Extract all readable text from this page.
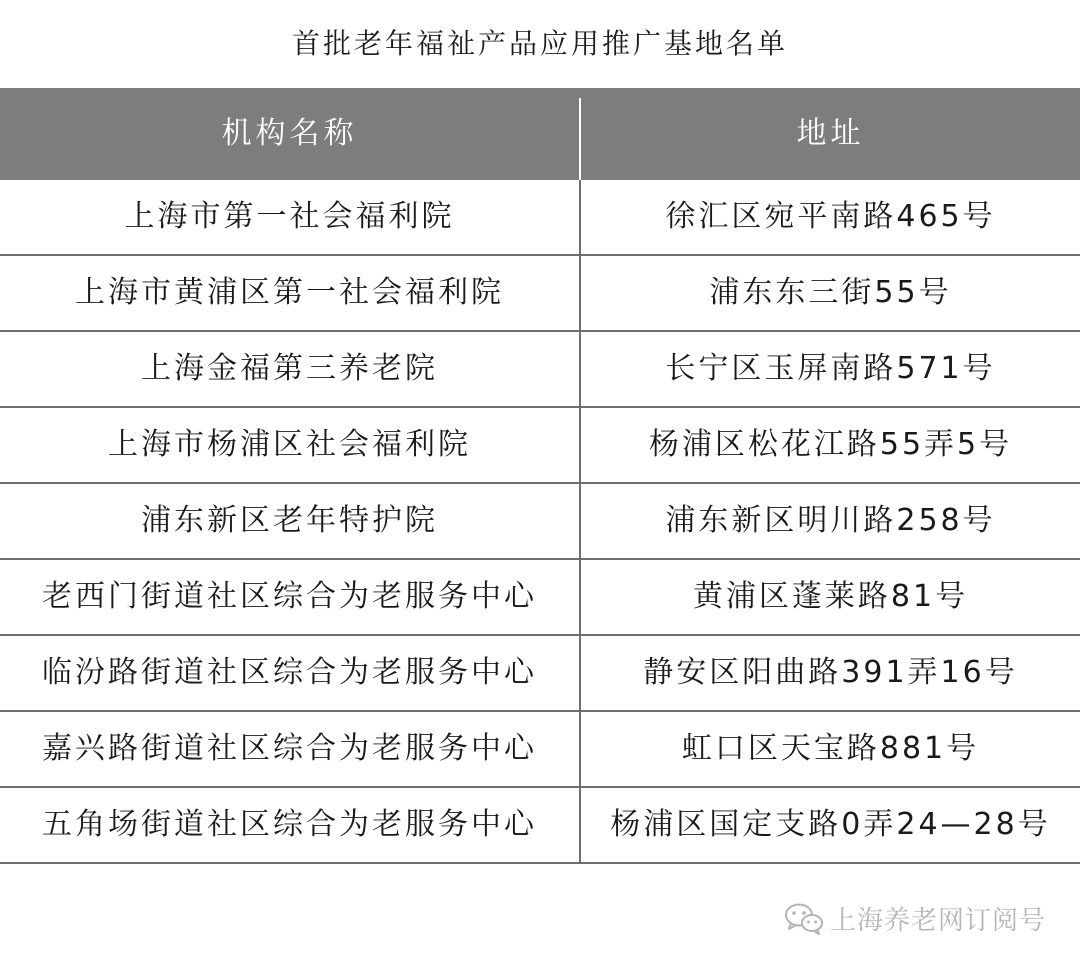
首批老年福祉产品应用推广基地名单
机构名称	地址
上海市第一社会福利院	徐汇区宛平南路465号
上海市黄浦区第一社会福利院	浦东东三街55号
上海金福第三养老院	长宁区玉屏南路571号
上海市杨浦区社会福利院	杨浦区松花江路55弄5号
浦东新区老年特护院	浦东新区明川路258号
老西门街道社区综合为老服务中心	黄浦区蓬莱路81号
临汾路街道社区综合为老服务中心	静安区阳曲路391弄16号
嘉兴路街道社区综合为老服务中心	虹口区天宝路881号
五角场街道社区综合为老服务中心	杨浦区国定支路0弄24—28号
上海养老网订阅号
